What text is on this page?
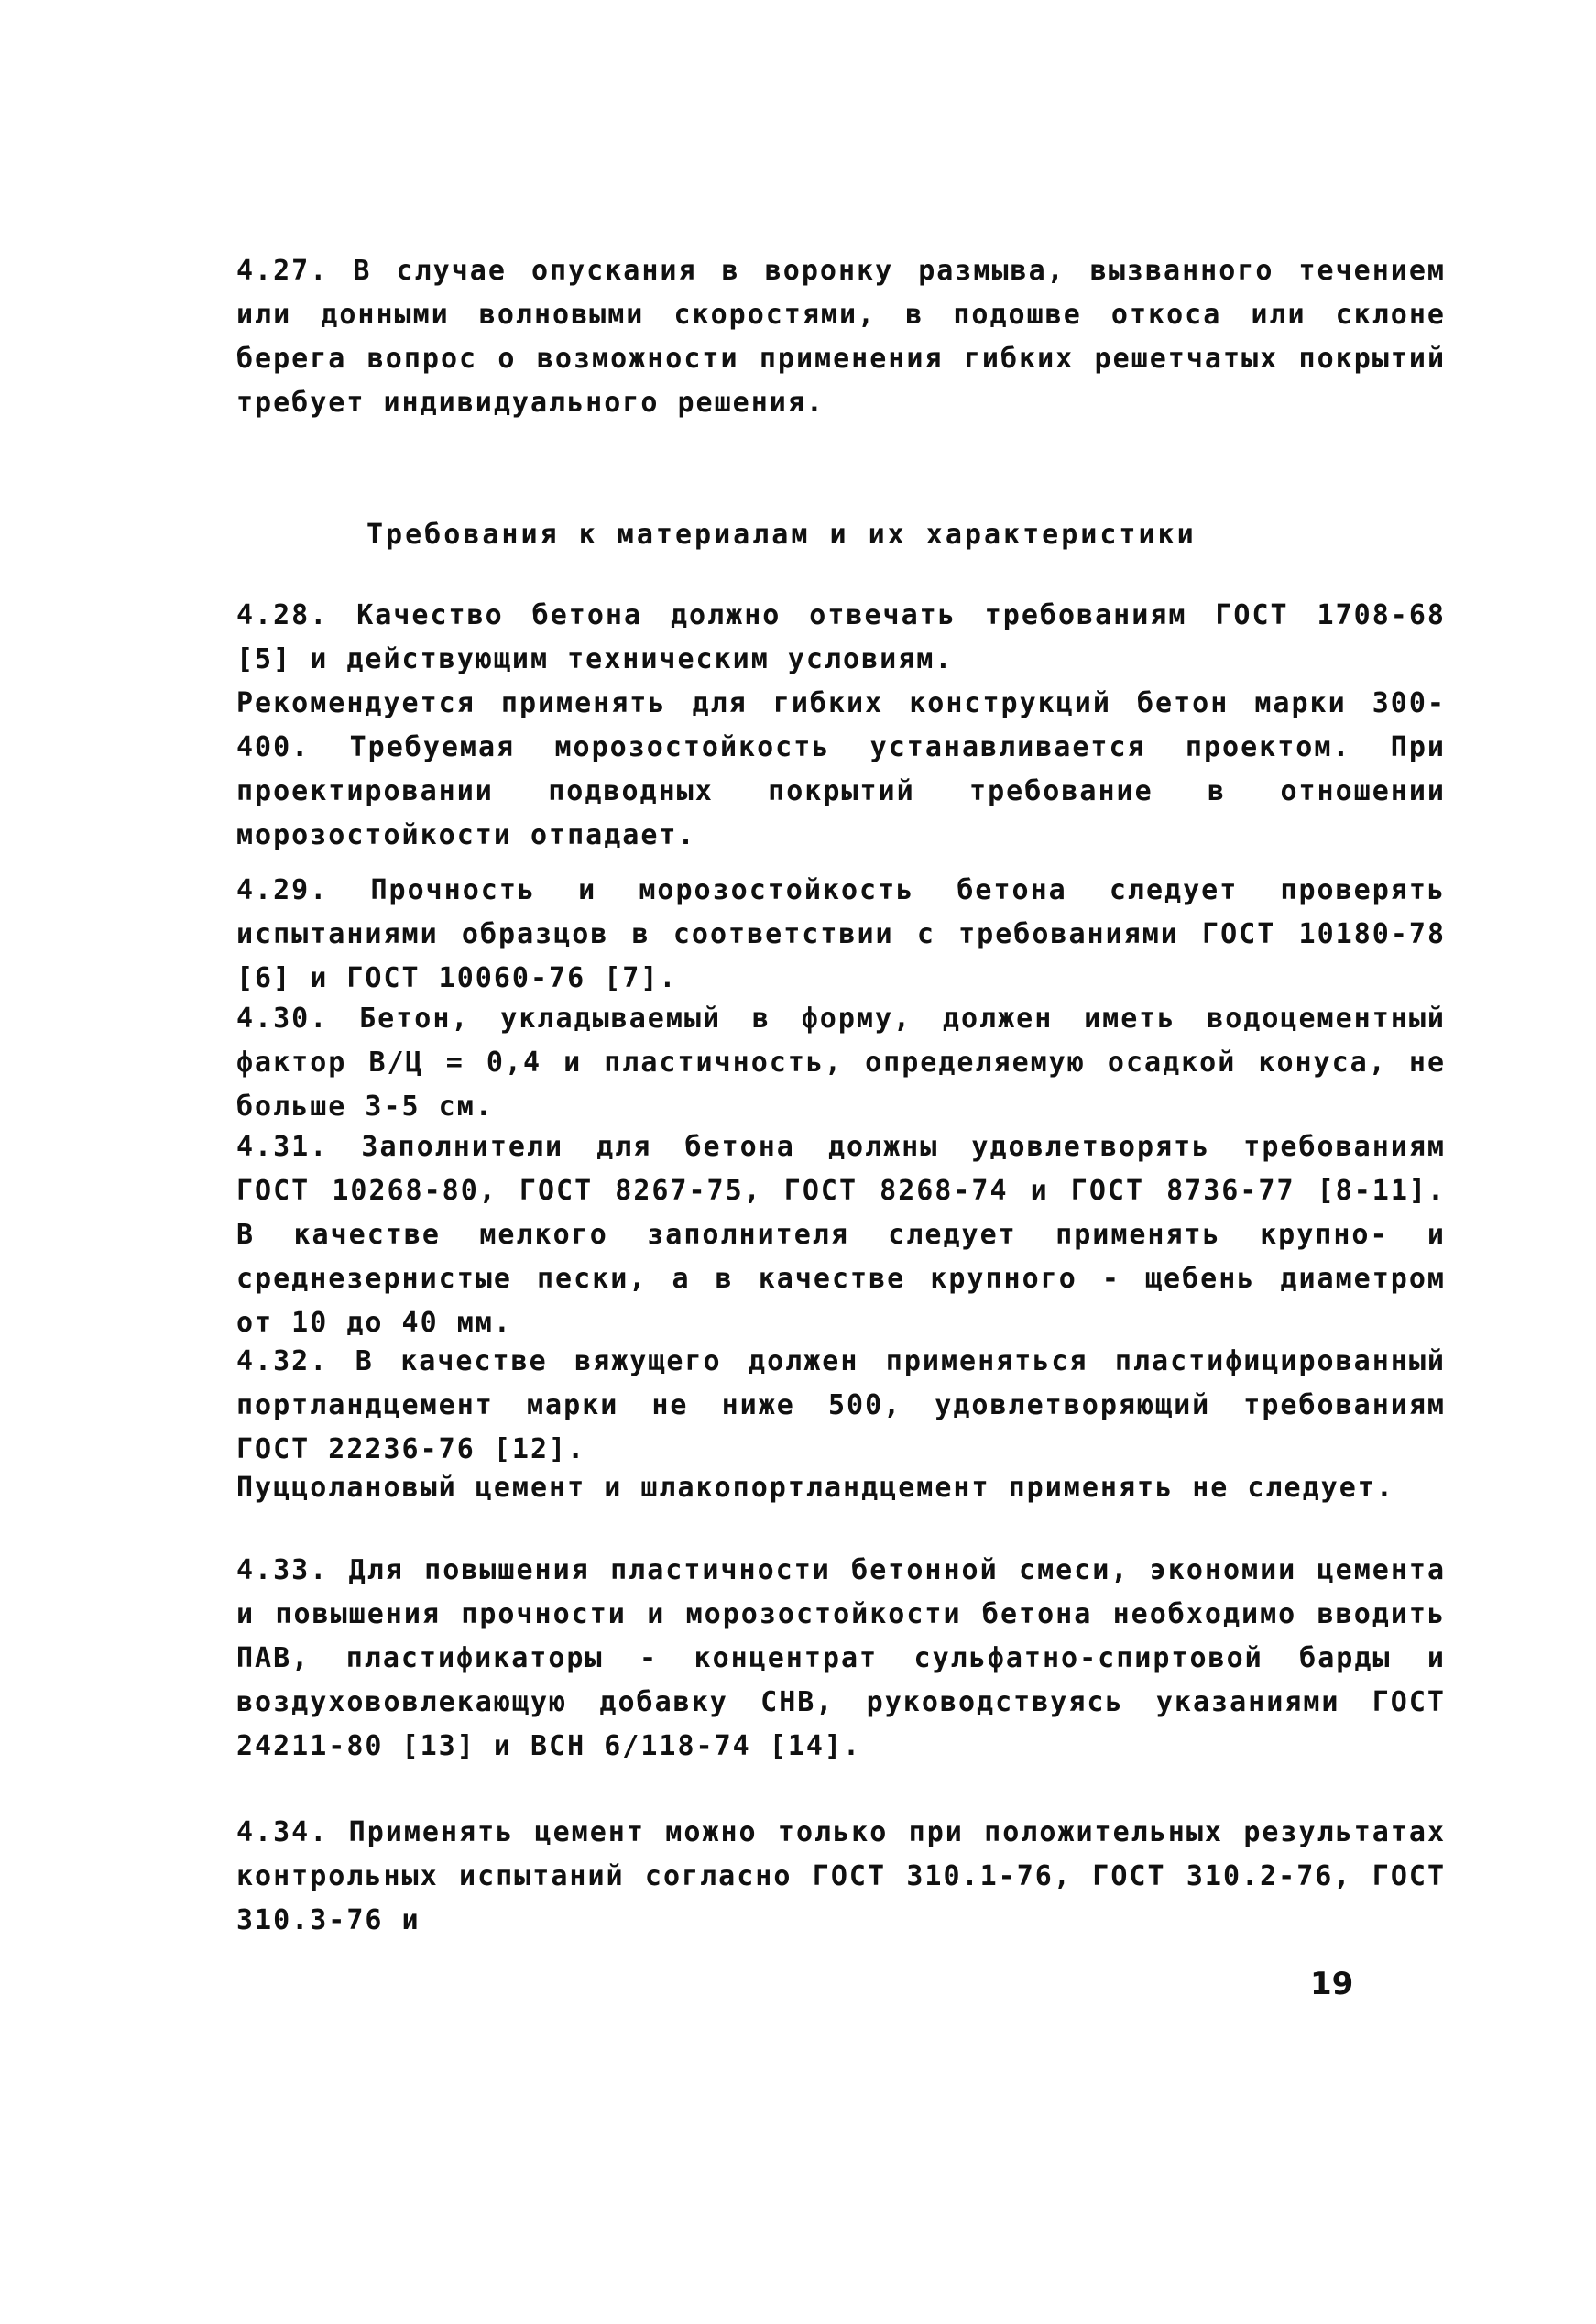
4.27. В случае опускания в воронку размыва, вызванного течением или донными волновыми скоростями, в подошве откоса или склоне берега вопрос о возможности применения гибких решетчатых покрытий требует индивидуального решения.

Требования к материалам и их характеристики

4.28. Качество бетона должно отвечать требованиям ГОСТ 1708-68 [5] и действующим техническим условиям.

Рекомендуется применять для гибких конструкций бетон марки 300-400. Требуемая морозостойкость устанавливается проектом. При проектировании подводных покрытий требование в отношении морозостойкости отпадает.

4.29. Прочность и морозостойкость бетона следует проверять испытаниями образцов в соответствии с требованиями ГОСТ 10180-78 [6] и ГОСТ 10060-76 [7].

4.30. Бетон, укладываемый в форму, должен иметь водоцементный фактор В/Ц = 0,4 и пластичность, определяемую осадкой конуса, не больше 3-5 см.

4.31. Заполнители для бетона должны удовлетворять требованиям ГОСТ 10268-80, ГОСТ 8267-75, ГОСТ 8268-74 и ГОСТ 8736-77 [8-11]. В качестве мелкого заполнителя следует применять крупно- и среднезернистые пески, а в качестве крупного - щебень диаметром от 10 до 40 мм.

4.32. В качестве вяжущего должен применяться пластифицированный портландцемент марки не ниже 500, удовлетворяющий требованиям ГОСТ 22236-76 [12].

Пуццолановый цемент и шлакопортландцемент применять не следует.

4.33. Для повышения пластичности бетонной смеси, экономии цемента и повышения прочности и морозостойкости бетона необходимо вводить ПАВ, пластификаторы - концентрат сульфатно-спиртовой барды и воздухововлекающую добавку СНВ, руководствуясь указаниями ГОСТ 24211-80 [13] и ВСН 6/118-74 [14].

4.34. Применять цемент можно только при положительных результатах контрольных испытаний согласно ГОСТ 310.1-76, ГОСТ 310.2-76, ГОСТ 310.3-76 и

19
